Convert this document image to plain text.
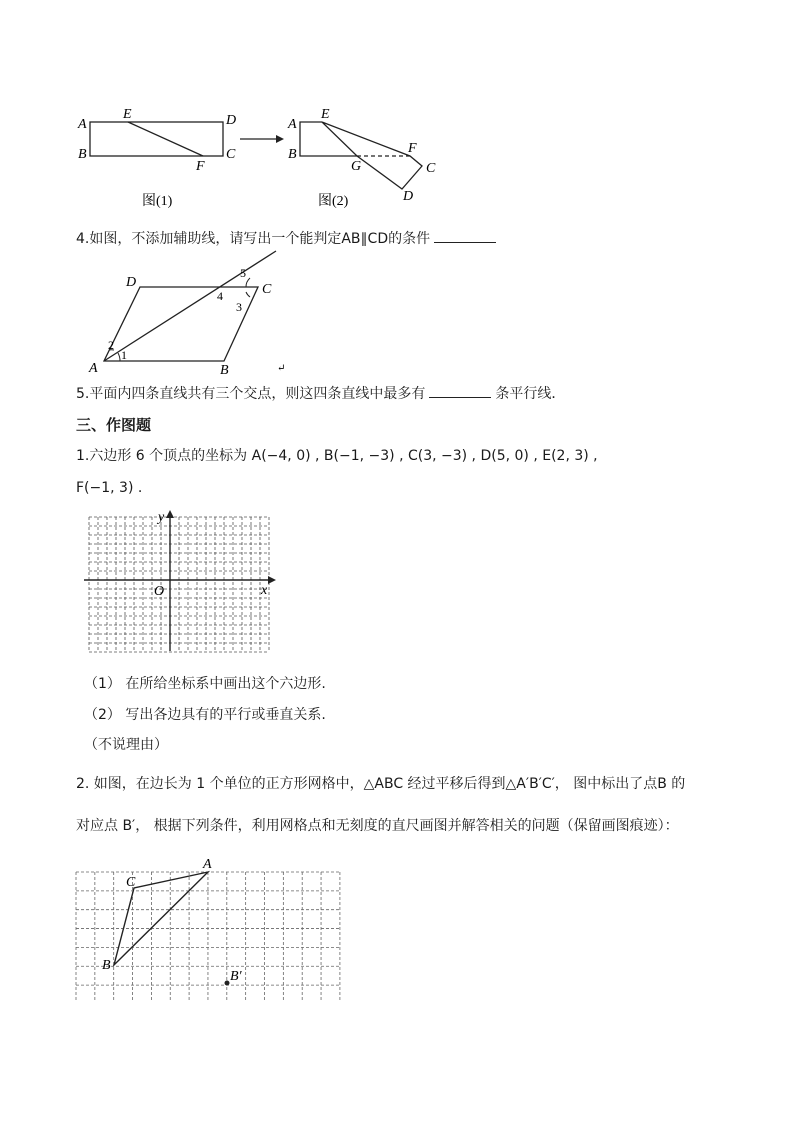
A
B
E	D
C
F
图(1)
A
B
E
G
F
C
D
图(2)
4.如图，不添加辅助线，请写出一个能判定AB∥CD的条件
D	C
A	B
1
2
3
4
5
↵
5.平面内四条直线共有三个交点，则这四条直线中最多有	条平行线．
三、作图题
1.六边形 6 个顶点的坐标为 A(−4, 0) , B(−1, −3) , C(3, −3) , D(5, 0) , E(2, 3) ,
F(−1, 3) .
x
y
O
（1） 在所给坐标系中画出这个六边形.
（2） 写出各边具有的平行或垂直关系.
（不说理由）
2. 如图，在边长为 1 个单位的正方形网格中，△ABC 经过平移后得到△A′B′C′， 图中标出了点B 的
对应点 B′， 根据下列条件，利用网格点和无刻度的直尺画图并解答相关的问题（保留画图痕迹）：
A
C
B
B′
